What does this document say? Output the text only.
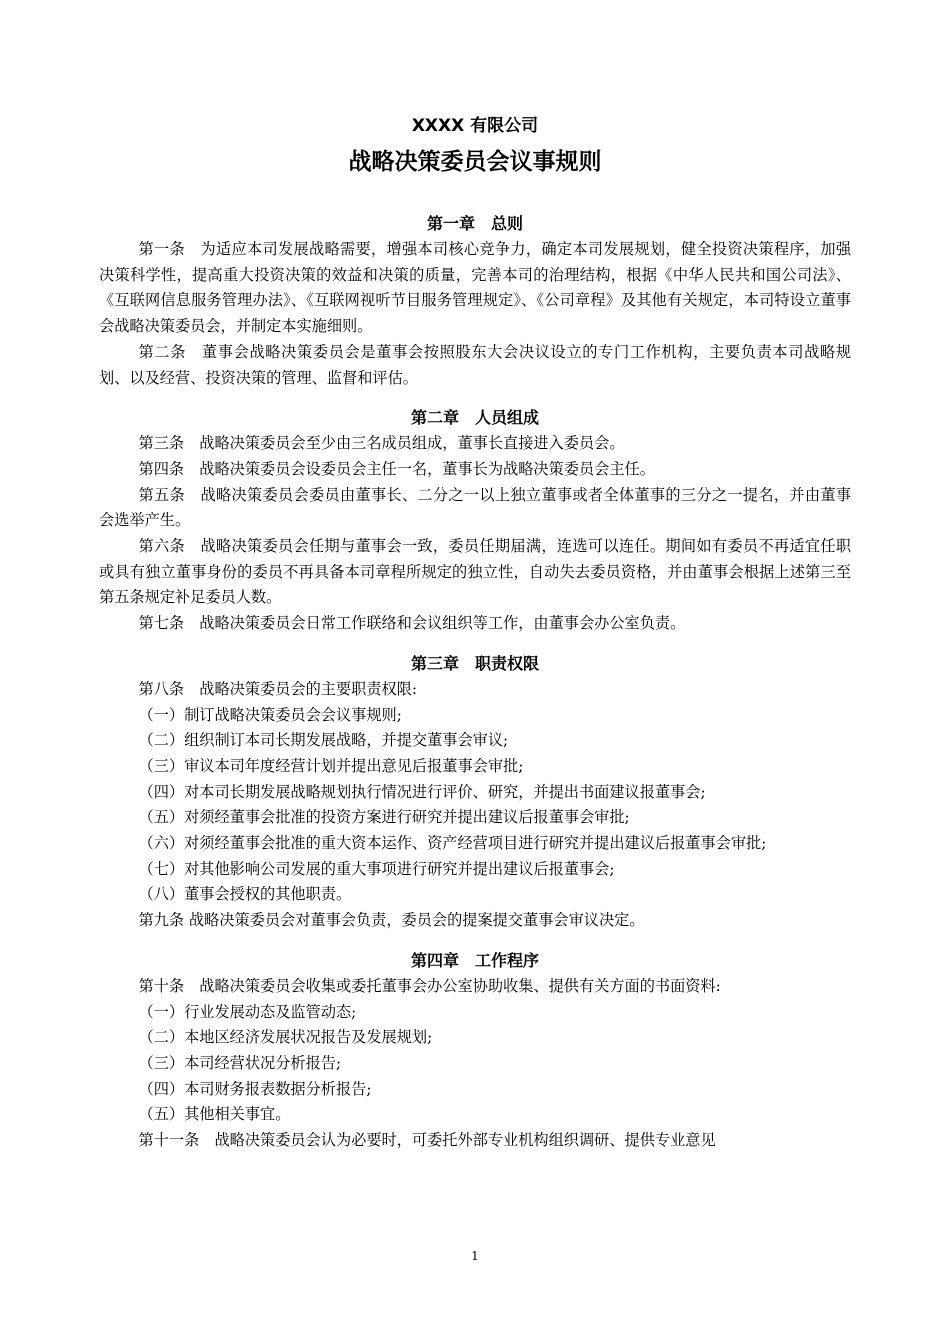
XXXX 有限公司
战略决策委员会议事规则
第一章　总则

第一条　为适应本司发展战略需要，增强本司核心竞争力，确定本司发展规划，健全投资决策程序，加强决策科学性，提高重大投资决策的效益和决策的质量，完善本司的治理结构，根据《中华人民共和国公司法》、《互联网信息服务管理办法》、《互联网视听节目服务管理规定》、《公司章程》及其他有关规定，本司特设立董事会战略决策委员会，并制定本实施细则。

第二条　董事会战略决策委员会是董事会按照股东大会决议设立的专门工作机构，主要负责本司战略规划、以及经营、投资决策的管理、监督和评估。

第二章　人员组成

第三条　战略决策委员会至少由三名成员组成，董事长直接进入委员会。

第四条　战略决策委员会设委员会主任一名，董事长为战略决策委员会主任。

第五条　战略决策委员会委员由董事长、二分之一以上独立董事或者全体董事的三分之一提名，并由董事会选举产生。

第六条　战略决策委员会任期与董事会一致，委员任期届满，连选可以连任。期间如有委员不再适宜任职或具有独立董事身份的委员不再具备本司章程所规定的独立性，自动失去委员资格，并由董事会根据上述第三至第五条规定补足委员人数。

第七条　战略决策委员会日常工作联络和会议组织等工作，由董事会办公室负责。

第三章　职责权限

第八条　战略决策委员会的主要职责权限:

（一）制订战略决策委员会会议事规则;

（二）组织制订本司长期发展战略，并提交董事会审议;

（三）审议本司年度经营计划并提出意见后报董事会审批;

（四）对本司长期发展战略规划执行情况进行评价、研究，并提出书面建议报董事会;

（五）对须经董事会批准的投资方案进行研究并提出建议后报董事会审批;

（六）对须经董事会批准的重大资本运作、资产经营项目进行研究并提出建议后报董事会审批;

（七）对其他影响公司发展的重大事项进行研究并提出建议后报董事会;

（八）董事会授权的其他职责。

第九条 战略决策委员会对董事会负责，委员会的提案提交董事会审议决定。

第四章　工作程序

第十条　战略决策委员会收集或委托董事会办公室协助收集、提供有关方面的书面资料:

（一）行业发展动态及监管动态;

（二）本地区经济发展状况报告及发展规划;

（三）本司经营状况分析报告;

（四）本司财务报表数据分析报告;

（五）其他相关事宜。

第十一条　战略决策委员会认为必要时，可委托外部专业机构组织调研、提供专业意见

1
